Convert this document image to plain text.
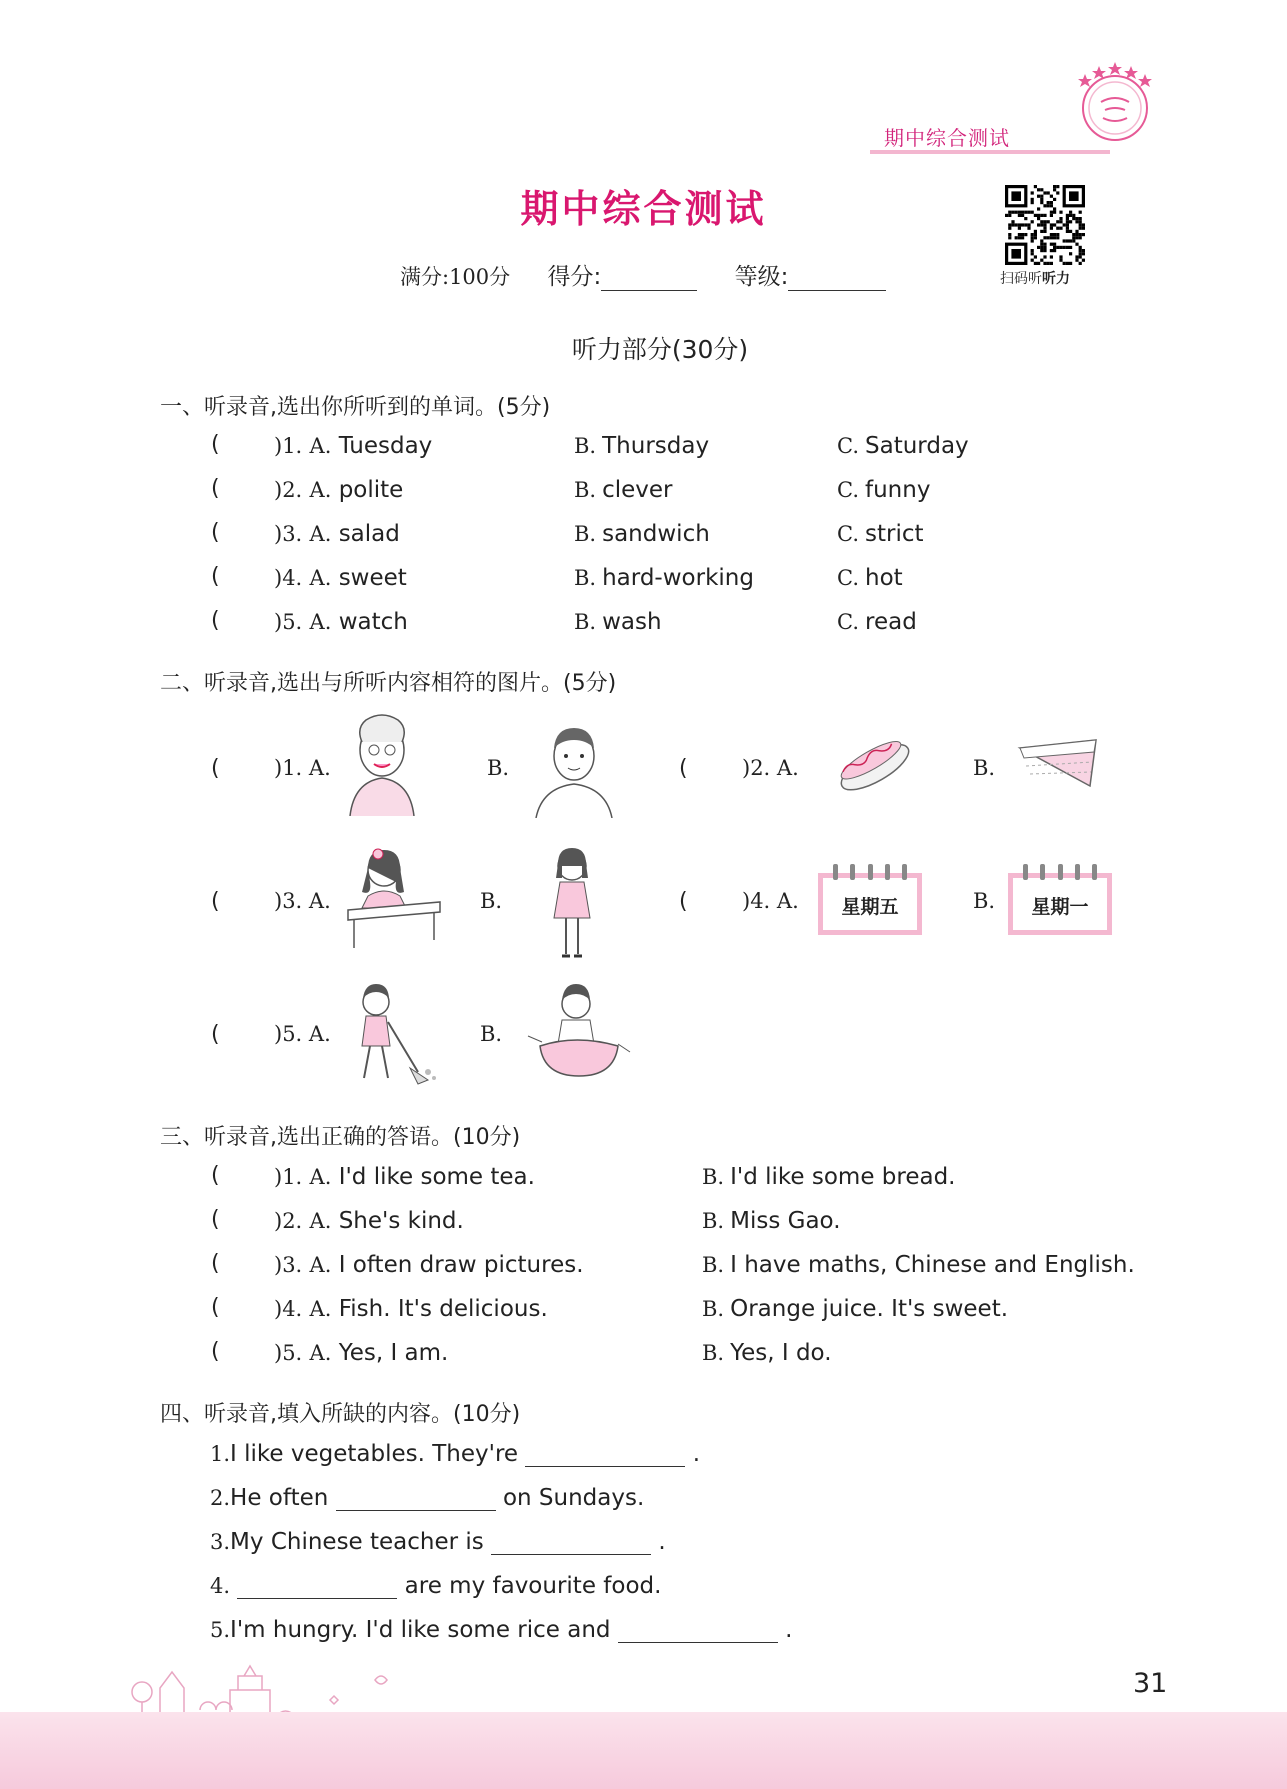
期中综合测试
期中综合测试
满分:100分 得分:	等级:	扫码听听力
听力部分(30分)
一、听录音,选出你所听到的单词。(5分)
(	)1. A. Tuesday	B. Thursday	C. Saturday
(	)2. A. polite	B. clever	C. funny
(	)3. A. salad	B. sandwich	C. strict
(	)4. A. sweet	B. hard-working	C. hot
(	)5. A. watch	B. wash	C. read
二、听录音,选出与所听内容相符的图片。(5分)
(	)1. A.	B.	(	)2. A.	B.
(	)3. A.	B.	(	)4. A.	星期五	B.	星期一
(	)5. A.	B.
三、听录音,选出正确的答语。(10分)
(	)1. A. I'd like some tea.	B. I'd like some bread.
(	)2. A. She's kind.	B. Miss Gao.
(	)3. A. I often draw pictures.	B. I have maths, Chinese and English.
(	)4. A. Fish. It's delicious.	B. Orange juice. It's sweet.
(	)5. A. Yes, I am.	B. Yes, I do.
四、听录音,填入所缺的内容。(10分)
1.I like vegetables. They're	.
2.He often	on Sundays.
3.My Chinese teacher is	.
4.	are my favourite food.
5.I'm hungry. I'd like some rice and	.
31
